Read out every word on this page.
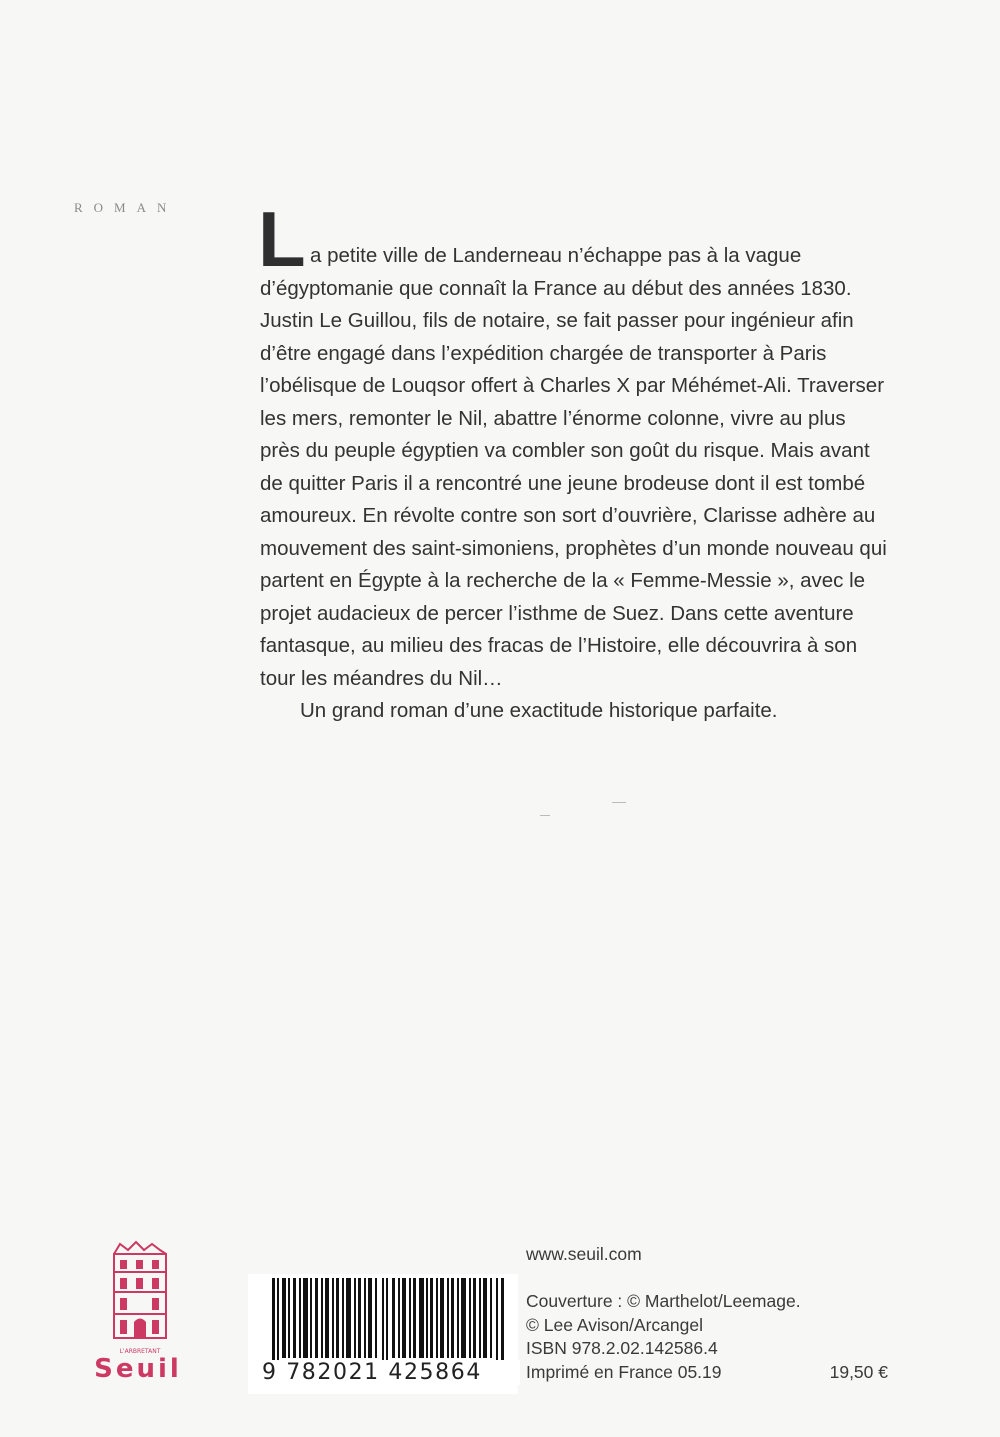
ROMAN L a petite ville de Landerneau n’échappe pas à la vague d’égyptomanie que connaît la France au début des années 1830. Justin Le Guillou, fils de notaire, se fait passer pour ingénieur afin d’être engagé dans l’expédition chargée de transporter à Paris l’obélisque de Louqsor offert à Charles X par Méhémet-Ali. Traverser les mers, remonter le Nil, abattre l’énorme colonne, vivre au plus près du peuple égyptien va combler son goût du risque. Mais avant de quitter Paris il a rencontré une jeune brodeuse dont il est tombé amoureux. En révolte contre son sort d’ouvrière, Clarisse adhère au mouvement des saint-simoniens, prophètes d’un monde nouveau qui partent en Égypte à la recherche de la « Femme-Messie », avec le projet audacieux de percer l’isthme de Suez. Dans cette aventure fantasque, au milieu des fracas de l’Histoire, elle découvrira à son tour les méandres du Nil…

Un grand roman d’une exactitude historique parfaite.

L'ARBRETANT
Seuil	9 782021 425864
www.seuil.com
Couverture : © Marthelot/Leemage.
© Lee Avison/Arcangel
ISBN 978.2.02.142586.4
Imprimé en France 05.19	19,50 €
